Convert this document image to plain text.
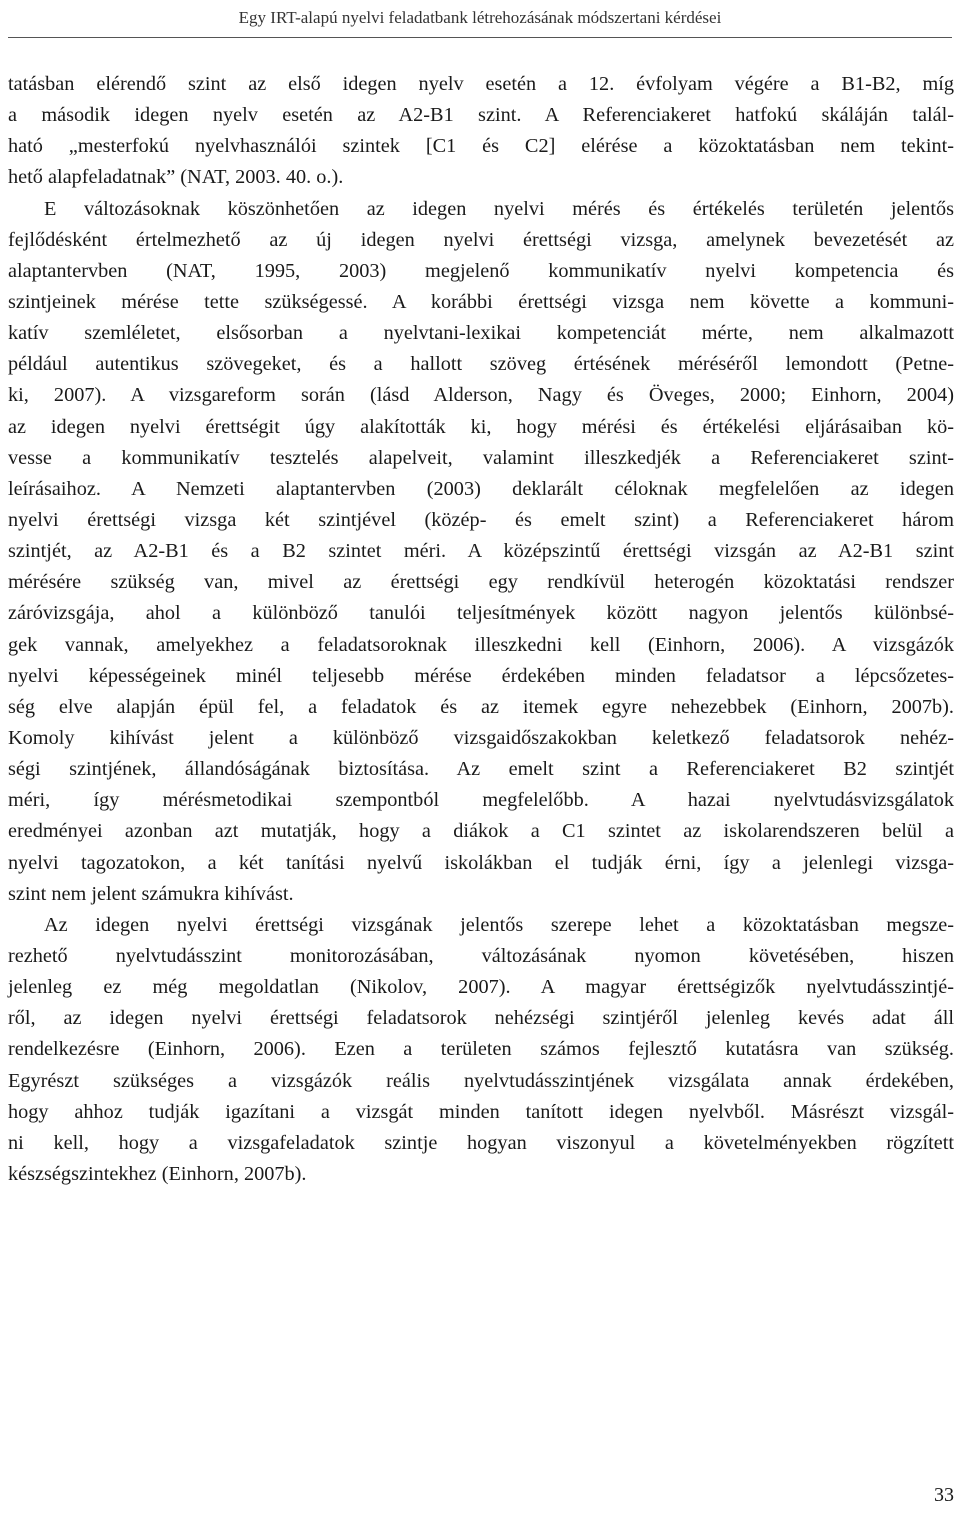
Egy IRT-alapú nyelvi feladatbank létrehozásának módszertani kérdései
tatásban elérendő szint az első idegen nyelv esetén a 12. évfolyam végére a B1-B2, míg
a második idegen nyelv esetén az A2-B1 szint. A Referenciakeret hatfokú skáláján talál-
ható „mesterfokú nyelvhasználói szintek [C1 és C2] elérése a közoktatásban nem tekint-
hető alapfeladatnak” (NAT, 2003. 40. o.).
E változásoknak köszönhetően az idegen nyelvi mérés és értékelés területén jelentős
fejlődésként értelmezhető az új idegen nyelvi érettségi vizsga, amelynek bevezetését az
alaptantervben (NAT, 1995, 2003) megjelenő kommunikatív nyelvi kompetencia és
szintjeinek mérése tette szükségessé. A korábbi érettségi vizsga nem követte a kommuni-
katív szemléletet, elsősorban a nyelvtani-lexikai kompetenciát mérte, nem alkalmazott
például autentikus szövegeket, és a hallott szöveg értésének méréséről lemondott (Petne-
ki, 2007). A vizsgareform során (lásd Alderson, Nagy és Öveges, 2000; Einhorn, 2004)
az idegen nyelvi érettségit úgy alakították ki, hogy mérési és értékelési eljárásaiban kö-
vesse a kommunikatív tesztelés alapelveit, valamint illeszkedjék a Referenciakeret szint-
leírásaihoz. A Nemzeti alaptantervben (2003) deklarált céloknak megfelelően az idegen
nyelvi érettségi vizsga két szintjével (közép- és emelt szint) a Referenciakeret három
szintjét, az A2-B1 és a B2 szintet méri. A középszintű érettségi vizsgán az A2-B1 szint
mérésére szükség van, mivel az érettségi egy rendkívül heterogén közoktatási rendszer
záróvizsgája, ahol a különböző tanulói teljesítmények között nagyon jelentős különbsé-
gek vannak, amelyekhez a feladatsoroknak illeszkedni kell (Einhorn, 2006). A vizsgázók
nyelvi képességeinek minél teljesebb mérése érdekében minden feladatsor a lépcsőzetes-
ség elve alapján épül fel, a feladatok és az itemek egyre nehezebbek (Einhorn, 2007b).
Komoly kihívást jelent a különböző vizsgaidőszakokban keletkező feladatsorok nehéz-
ségi szintjének, állandóságának biztosítása. Az emelt szint a Referenciakeret B2 szintjét
méri, így mérésmetodikai szempontból megfelelőbb. A hazai nyelvtudásvizsgálatok
eredményei azonban azt mutatják, hogy a diákok a C1 szintet az iskolarendszeren belül a
nyelvi tagozatokon, a két tanítási nyelvű iskolákban el tudják érni, így a jelenlegi vizsga-
szint nem jelent számukra kihívást.
Az idegen nyelvi érettségi vizsgának jelentős szerepe lehet a közoktatásban megsze-
rezhető nyelvtudásszint monitorozásában, változásának nyomon követésében, hiszen
jelenleg ez még megoldatlan (Nikolov, 2007). A magyar érettségizők nyelvtudásszintjé-
ről, az idegen nyelvi érettségi feladatsorok nehézségi szintjéről jelenleg kevés adat áll
rendelkezésre (Einhorn, 2006). Ezen a területen számos fejlesztő kutatásra van szükség.
Egyrészt szükséges a vizsgázók reális nyelvtudásszintjének vizsgálata annak érdekében,
hogy ahhoz tudják igazítani a vizsgát minden tanított idegen nyelvből. Másrészt vizsgál-
ni kell, hogy a vizsgafeladatok szintje hogyan viszonyul a követelményekben rögzített
készségszintekhez (Einhorn, 2007b).
33
